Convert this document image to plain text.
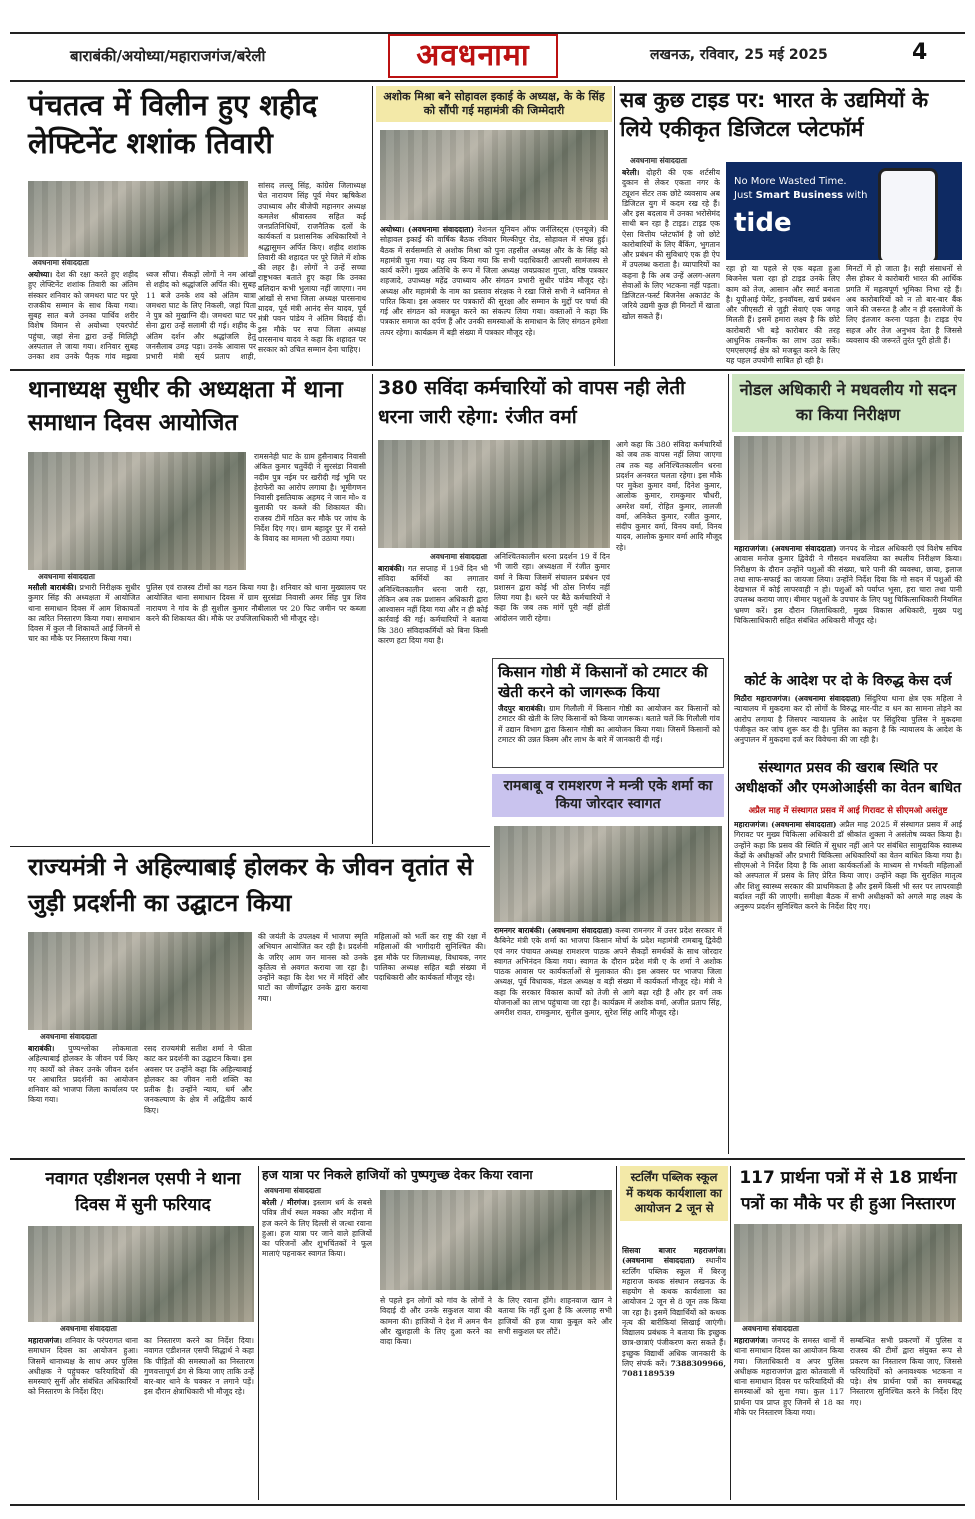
बाराबंकी/अयोध्या/महाराजगंज/बरेली	अवधनामा	लखनऊ, रविवार, 25 मई 2025	4
पंचतत्व में विलीन हुए शहीद लेफ्टिनेंट शशांक तिवारी
अवधनामा संवाददाता
अयोध्या। देश की रक्षा करते हुए शहीद हुए लेफ्टिनेंट शशांक तिवारी का अंतिम संस्कार शनिवार को जमथरा घाट पर पूरे राजकीय सम्मान के साथ किया गया। सुबह सात बजे उनका पार्थिव शरीर विशेष विमान से अयोध्या एयरपोर्ट पहुंचा, जहां सेना द्वारा उन्हें मिलिट्री अस्पताल ले जाया गया। शनिवार सुबह उनका शव उनके पैतृक गांव मझवा
ध्वज सौंपा। सैकड़ों लोगों ने नम आंखों से शहीद को श्रद्धांजलि अर्पित की। सुबह 11 बजे उनके शव को अंतिम यात्रा जमथरा घाट के लिए निकली, जहां पिता ने पुत्र को मुखाग्नि दी। जमथरा घाट पर सेना द्वारा उन्हें सलामी दी गई। शहीद के अंतिम दर्शन और श्रद्धांजलि हेतु जनसैलाब उमड़ पड़ा। उनके आवास पर प्रभारी मंत्री सूर्य प्रताप शाही,
सांसद लल्लू सिंह, कांग्रेस जिलाध्यक्ष चेत नारायण सिंह पूर्व मेयर ऋषिकेश उपाध्याय और बीजेपी महानगर अध्यक्ष कमलेश श्रीवास्तव सहित कई जनप्रतिनिधियों, राजनैतिक दलों के कार्यकर्ता व प्रशासनिक अधिकारियों ने श्रद्धासुमन अर्पित किए। शहीद शशांक तिवारी की शहादत पर पूरे जिले में शोक की लहर है। लोगों ने उन्हें सच्चा राष्ट्रभक्त बताते हुए कहा कि उनका बलिदान कभी भुलाया नहीं जाएगा। नम आंखों से सभा जिला अध्यक्ष पारसनाथ यादव, पूर्व मंत्री आनंद सेन यादव, पूर्व मंत्री पवन पांडेय ने अंतिम विदाई दी। इस मौके पर सपा जिला अध्यक्ष पारसनाथ यादव ने कहा कि शहादत पर सरकार को उचित सम्मान देना चाहिए।
अशोक मिश्रा बने सोहावल इकाई के अध्यक्ष, के के सिंह को सौंपी गई महामंत्री की जिम्मेदारी
अयोध्या। (अवधनामा संवाददाता) नेशनल यूनियन ऑफ जर्नलिस्ट्स (एनयूजे) की सोहावल इकाई की वार्षिक बैठक रविवार मिल्कीपुर रोड, सोहावल में संपन्न हुई। बैठक में सर्वसम्मति से अशोक मिश्रा को पुनः तहसील अध्यक्ष और के के सिंह को महामंत्री चुना गया। यह तय किया गया कि सभी पदाधिकारी आपसी सामंजस्य से कार्य करेंगे। मुख्य अतिथि के रूप में जिला अध्यक्ष जयप्रकाश गुप्ता, वरिष्ठ पत्रकार शहजादे, उपाध्यक्ष महेंद्र उपाध्याय और संगठन प्रभारी सुधीर पांडेय मौजूद रहे। अध्यक्ष और महामंत्री के नाम का प्रस्ताव संरक्षक ने रखा जिसे सभी ने ध्वनिमत से पारित किया। इस अवसर पर पत्रकारों की सुरक्षा और सम्मान के मुद्दों पर चर्चा की गई और संगठन को मजबूत करने का संकल्प लिया गया। वक्ताओं ने कहा कि पत्रकार समाज का दर्पण हैं और उनकी समस्याओं के समाधान के लिए संगठन हमेशा तत्पर रहेगा। कार्यक्रम में बड़ी संख्या में पत्रकार मौजूद रहे।
सब कुछ टाइड पर: भारत के उद्यमियों के लिये एकीकृत डिजिटल प्लेटफॉर्म
अवधनामा संवाददाता
बरेली। दोहरी की एक शर्टसीय दुकान से लेकर एकता नगर के ट्यूशन सेंटर तक छोटे व्यवसाय अब डिजिटल युग में कदम रख रहे हैं। और इस बदलाव में उनका भरोसेमंद साथी बन रहा है टाइड। टाइड एक ऐसा वित्तीय प्लेटफॉर्म है जो छोटे कारोबारियों के लिए बैंकिंग, भुगतान और प्रबंधन की सुविधाएं एक ही ऐप में उपलब्ध कराता है। व्यापारियों का कहना है कि अब उन्हें अलग-अलग सेवाओं के लिए भटकना नहीं पड़ता। डिजिटल-फर्स्ट बिजनेस अकाउंट के जरिये उद्यमी कुछ ही मिनटों में खाता खोल सकते हैं।
No More Wasted Time.
Just Smart Business with
tide
रहा हो या पहले से एक बढ़ता हुआ बिजनेस चला रहा हो टाइड उनके लिए काम को तेज, आसान और स्मार्ट बनाता है। यूपीआई पेमेंट, इनवॉयस, खर्च प्रबंधन और जीएसटी से जुड़ी सेवाएं एक जगह मिलती हैं। इसमें हमारा लक्ष्य है कि छोटे कारोबारी भी बड़े कारोबार की तरह आधुनिक तकनीक का लाभ उठा सकें। एमएसएमई क्षेत्र को मजबूत करने के लिए यह पहल उपयोगी साबित हो रही है।
मिनटों में हो जाता है। सही संसाधनों से लैस होकर ये कारोबारी भारत की आर्थिक प्रगति में महत्वपूर्ण भूमिका निभा रहे हैं। अब कारोबारियों को न तो बार-बार बैंक जाने की जरूरत है और न ही दस्तावेजों के लिए इंतजार करना पड़ता है। टाइड ऐप सहज और तेज अनुभव देता है जिससे व्यवसाय की जरूरतें तुरंत पूरी होती हैं।
थानाध्यक्ष सुधीर की अध्यक्षता में थाना समाधान दिवस आयोजित
अवधनामा संवाददाता
मसौली बाराबंकी। प्रभारी निरीक्षक सुधीर कुमार सिंह की अध्यक्षता में आयोजित थाना समाधान दिवस में आम शिकायतों का त्वरित निस्तारण किया गया। समाधान दिवस में कुल नौ शिकायतें आईं जिनमें से चार का मौके पर निस्तारण किया गया।
रामसनेही घाट के ग्राम हुसैनाबाद निवासी अंकित कुमार चतुर्वेदी ने सुरसंडा निवासी नदीम पुत्र नईम पर खरीदी गई भूमि पर हेराफेरी का आरोप लगाया है। भूमीगणन निवासी इसतियाक अहमद ने जान मो० व बुलाकी पर कब्जे की शिकायत की। राजस्व टीमें गठित कर मौके पर जांच के निर्देश दिए गए। ग्राम बहादुर पुर में रास्ते के विवाद का मामला भी उठाया गया।
पुलिस एवं राजस्व टीमों का गठन किया गया है। शनिवार को थाना मुख्यालय पर आयोजित थाना समाधान दिवस में ग्राम सुरसंडा निवासी अमर सिंह पुत्र शिव नारायण ने गांव के ही सुशील कुमार नौबीलाल पर 20 फिट जमीन पर कब्जा करने की शिकायत की। मौके पर उपजिलाधिकारी भी मौजूद रहे।
380 सविंदा कर्मचारियों को वापस नही लेती धरना जारी रहेगा: रंजीत वर्मा
अवधनामा संवाददाता
बाराबंकी। गत सप्ताह में 19वें दिन भी संविदा कर्मियों का लगातार अनिश्चितकालीन धरना जारी रहा, लेकिन अब तक प्रशासन अधिकारी द्वारा आश्वासन नहीं दिया गया और न ही कोई कार्रवाई की गई। कर्मचारियों ने बताया कि 380 संविदाकर्मियों को बिना किसी कारण हटा दिया गया है।
अनिश्चितकालीन धरना प्रदर्शन 19 वें दिन भी जारी रहा। अध्यक्षता में रंजीत कुमार वर्मा ने किया जिसमें संचालन प्रबंधन एवं प्रशासन द्वारा कोई भी ठोस निर्णय नहीं लिया गया है। धरने पर बैठे कर्मचारियों ने कहा कि जब तक मांगें पूरी नहीं होतीं आंदोलन जारी रहेगा।
आगे कहा कि 380 संविदा कर्मचारियों को जब तक वापस नहीं लिया जाएगा तब तक यह अनिश्चितकालीन धरना प्रदर्शन अनवरत चलता रहेगा। इस मौके पर मुकेश कुमार वर्मा, दिनेश कुमार, आलोक कुमार, रामकुमार चौधरी, अमरेश वर्मा, रोहित कुमार, लालजी वर्मा, अनिकेत कुमार, रजीत कुमार, संदीप कुमार वर्मा, विनय वर्मा, विनय यादव, आलोक कुमार वर्मा आदि मौजूद रहे।
किसान गोष्ठी में किसानों को टमाटर की खेती करने को जागरूक किया
जैदपुर बाराबंकी। ग्राम गिलौली में किसान गोष्ठी का आयोजन कर किसानों को टमाटर की खेती के लिए किसानों को किया जागरूक। बताते चलें कि गिलौली गांव में उद्यान विभाग द्वारा किसान गोष्ठी का आयोजन किया गया। जिसमें किसानों को टमाटर की उन्नत किस्म और लाभ के बारे में जानकारी दी गई।
रामबाबू व रामशरण ने मन्त्री एके शर्मा का किया जोरदार स्वागत
रामनगर बाराबंकी। (अवधनामा संवाददाता) कस्बा रामनगर में उत्तर प्रदेश सरकार में कैबिनेट मंत्री एके शर्मा का भाजपा किसान मोर्चा के प्रदेश महामंत्री रामबाबू द्विवेदी एवं नगर पंचायत अध्यक्ष रामशरण पाठक अपने सैकड़ों समर्थकों के साथ जोरदार स्वागत अभिनंदन किया गया। स्वागत के दौरान प्रदेश मंत्री ए के शर्मा ने अशोक पाठक आवास पर कार्यकर्ताओं से मुलाकात की। इस अवसर पर भाजपा जिला अध्यक्ष, पूर्व विधायक, मंडल अध्यक्ष व बड़ी संख्या में कार्यकर्ता मौजूद रहे। मंत्री ने कहा कि सरकार विकास कार्यों को तेजी से आगे बढ़ा रही है और हर वर्ग तक योजनाओं का लाभ पहुंचाया जा रहा है। कार्यक्रम में अशोक वर्मा, अजीत प्रताप सिंह, अमरीश रावत, रामकुमार, सुनील कुमार, सुरेश सिंह आदि मौजूद रहे।
नोडल अधिकारी ने मधवलीय गो सदन का किया निरीक्षण
महाराजगंज। (अवधनामा संवाददाता) जनपद के नोडल अधिकारी एवं विशेष सचिव आवास मनोज कुमार द्विवेदी ने गौसदन मधवलिया का स्थलीय निरीक्षण किया। निरीक्षण के दौरान उन्होंने पशुओं की संख्या, चारे पानी की व्यवस्था, छाया, इलाज तथा साफ-सफाई का जायजा लिया। उन्होंने निर्देश दिया कि गो सदन में पशुओं की देखभाल में कोई लापरवाही न हो। पशुओं को पर्याप्त भूसा, हरा चारा तथा पानी उपलब्ध कराया जाए। बीमार पशुओं के उपचार के लिए पशु चिकित्साधिकारी नियमित भ्रमण करें। इस दौरान जिलाधिकारी, मुख्य विकास अधिकारी, मुख्य पशु चिकित्साधिकारी सहित संबंधित अधिकारी मौजूद रहे।
कोर्ट के आदेश पर दो के विरुद्ध केस दर्ज
मिठौरा महाराजगंज। (अवधनामा संवाददाता) सिंदुरिया थाना क्षेत्र एक महिला ने न्यायालय में मुकदमा कर दो लोगों के विरुद्ध मार-पीट व धन का सामना तोड़ने का आरोप लगाया है जिसपर न्यायालय के आदेश पर सिंदुरिया पुलिस ने मुकदमा पंजीकृत कर जांच शुरू कर दी है। पुलिस का कहना है कि न्यायालय के आदेश के अनुपालन में मुकदमा दर्ज कर विवेचना की जा रही है।
संस्थागत प्रसव की खराब स्थिति पर अधीक्षकों और एमओआईसी का वेतन बाधित
अप्रैल माह में संस्थागत प्रसव में आई गिरावट से सीएमओ असंतुष्ट
महाराजगंज। (अवधनामा संवाददाता) अप्रैल माह 2025 में संस्थागत प्रसव में आई गिरावट पर मुख्य चिकित्सा अधिकारी डॉ श्रीकांत शुक्ला ने असंतोष व्यक्त किया है। उन्होंने कहा कि प्रसव की स्थिति में सुधार नहीं आने पर संबंधित सामुदायिक स्वास्थ्य केंद्रों के अधीक्षकों और प्रभारी चिकित्सा अधिकारियों का वेतन बाधित किया गया है। सीएमओ ने निर्देश दिया है कि आशा कार्यकर्ताओं के माध्यम से गर्भवती महिलाओं को अस्पताल में प्रसव के लिए प्रेरित किया जाए। उन्होंने कहा कि सुरक्षित मातृत्व और शिशु स्वास्थ्य सरकार की प्राथमिकता है और इसमें किसी भी स्तर पर लापरवाही बर्दाश्त नहीं की जाएगी। समीक्षा बैठक में सभी अधीक्षकों को अगले माह लक्ष्य के अनुरूप प्रदर्शन सुनिश्चित करने के निर्देश दिए गए।
राज्यमंत्री ने अहिल्याबाई होलकर के जीवन वृतांत से जुड़ी प्रदर्शनी का उद्घाटन किया
अवधनामा संवाददाता
बाराबंकी। पुण्यश्लोका लोकमाता अहिल्याबाई होलकर के जीवन पर्व किए गए कार्यों को लेकर उनके जीवन दर्शन पर आधारित प्रदर्शनी का आयोजन शनिवार को भाजपा जिला कार्यालय पर किया गया।
रसद राज्यमंत्री सतीश शर्मा ने फीता काट कर प्रदर्शनी का उद्घाटन किया। इस अवसर पर उन्होंने कहा कि अहिल्याबाई होलकर का जीवन नारी शक्ति का प्रतीक है। उन्होंने न्याय, धर्म और जनकल्याण के क्षेत्र में अद्वितीय कार्य किए।
की जयंती के उपलक्ष्य में भाजपा स्मृति अभियान आयोजित कर रही है। प्रदर्शनी के जरिए आम जन मानस को उनके कृतित्व से अवगत कराया जा रहा है। उन्होंने कहा कि देश भर में मंदिरों और घाटों का जीर्णोद्धार उनके द्वारा कराया गया।
महिलाओं को भर्ती कर राष्ट्र की रक्षा में महिलाओं की भागीदारी सुनिश्चित की। इस मौके पर जिलाध्यक्ष, विधायक, नगर पालिका अध्यक्ष सहित बड़ी संख्या में पदाधिकारी और कार्यकर्ता मौजूद रहे।
नवागत एडीशनल एसपी ने थाना दिवस में सुनी फरियाद
अवधनामा संवाददाता
महाराजगंज। शनिवार के परंपरागत थाना समाधान दिवस का आयोजन हुआ। जिसमें थानाध्यक्ष के साथ अपर पुलिस अधीक्षक ने पहुंचकर फरियादियों की समस्याएं सुनीं और संबंधित अधिकारियों को निस्तारण के निर्देश दिए।
का निस्तारण करने का निर्देश दिया। नवागत एडीशनल एसपी सिद्धार्थ ने कहा कि पीड़ितों की समस्याओं का निस्तारण गुणवत्तापूर्ण ढंग से किया जाए ताकि उन्हें बार-बार थाने के चक्कर न लगाने पड़ें। इस दौरान क्षेत्राधिकारी भी मौजूद रहे।
हज यात्रा पर निकले हाजियों को पुष्पगुच्छ देकर किया रवाना
अवधनामा संवाददाता
बरेली / मीरगंज। इस्लाम धर्म के सबसे पवित्र तीर्थ स्थल मक्का और मदीना में हज करने के लिए दिल्ली से जत्था रवाना हुआ। हज यात्रा पर जाने वाले हाजियों का परिजनों और शुभचिंतकों ने फूल मालाएं पहनाकर स्वागत किया।
से पहले इन लोगों को गांव के लोगों ने विदाई दी और उनके सकुशल यात्रा की कामना की। हाजियों ने देश में अमन चैन और खुशहाली के लिए दुआ करने का वादा किया।
के लिए रवाना होंगे। शाहनवाज खान ने बताया कि नहीं दुआ है कि अल्लाह सभी हाजियों की हज यात्रा कुबूल करे और सभी सकुशल घर लौटें।
स्टर्लिंग पब्लिक स्कूल में कथक कार्यशाला का आयोजन 2 जून से
सिसवा बाजार महराजगंज। (अवधनामा संवाददाता) स्थानीय स्टर्लिंग पब्लिक स्कूल में बिरजू महाराज कथक संस्थान लखनऊ के सहयोग से कथक कार्यशाला का आयोजन 2 जून से 8 जून तक किया जा रहा है। इसमें विद्यार्थियों को कथक नृत्य की बारीकियां सिखाई जाएंगी। विद्यालय प्रबंधक ने बताया कि इच्छुक छात्र-छात्राएं पंजीकरण करा सकते हैं। इच्छुक विद्यार्थी अधिक जानकारी के लिए संपर्क करें। 7388309966, 7081189539
117 प्रार्थना पत्रों में से 18 प्रार्थना पत्रों का मौके पर ही हुआ निस्तारण
अवधनामा संवाददाता
महाराजगंज। जनपद के समस्त थानों में थाना समाधान दिवस का आयोजन किया गया। जिलाधिकारी व अपर पुलिस अधीक्षक महाराजगंज द्वारा कोतवाली में थाना समाधान दिवस पर फरियादियों की समस्याओं को सुना गया। कुल 117 प्रार्थना पत्र प्राप्त हुए जिनमें से 18 का मौके पर निस्तारण किया गया।
सम्बन्धित सभी प्रकरणों में पुलिस व राजस्व की टीमों द्वारा संयुक्त रूप से प्रकरण का निस्तारण किया जाए, जिससे फरियादियों को अनावश्यक भटकना न पड़े। शेष प्रार्थना पत्रों का समयबद्ध निस्तारण सुनिश्चित करने के निर्देश दिए गए।
